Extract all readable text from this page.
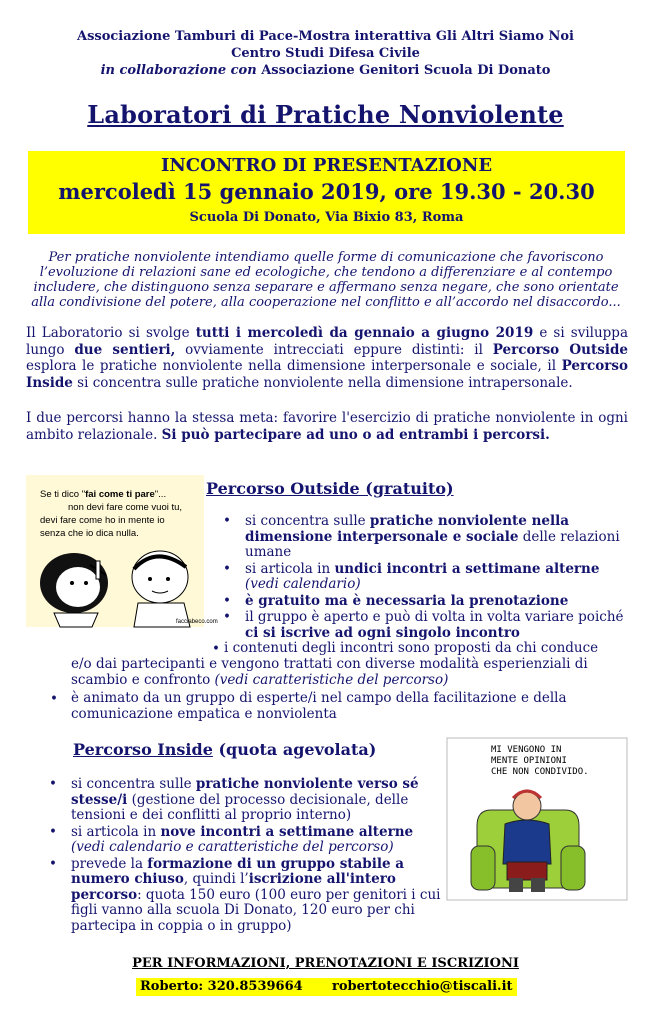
Associazione Tamburi di Pace-Mostra interattiva Gli Altri Siamo Noi
Centro Studi Difesa Civile
in collaborazione con Associazione Genitori Scuola Di Donato
Laboratori di Pratiche Nonviolente
INCONTRO DI PRESENTAZIONE
mercoledì 15 gennaio 2019, ore 19.30 - 20.30
Scuola Di Donato, Via Bixio 83, Roma
Per pratiche nonviolente intendiamo quelle forme di comunicazione che favoriscono l’evoluzione di relazioni sane ed ecologiche, che tendono a differenziare e al contempo includere, che distinguono senza separare e affermano senza negare, che sono orientate alla condivisione del potere, alla cooperazione nel conflitto e all’accordo nel disaccordo...
Il Laboratorio si svolge tutti i mercoledì da gennaio a giugno 2019 e si sviluppa lungo due sentieri, ovviamente intrecciati eppure distinti: il Percorso Outside esplora le pratiche nonviolente nella dimensione interpersonale e sociale, il Percorso Inside si concentra sulle pratiche nonviolente nella dimensione intrapersonale.
I due percorsi hanno la stessa meta: favorire l'esercizio di pratiche nonviolente in ogni ambito relazionale. Si può partecipare ad uno o ad entrambi i percorsi.
Se ti dico "fai come ti pare"...
non devi fare come vuoi tu,
devi fare come ho in mente io
senza che io dica nulla.
facciabeco.com
Percorso Outside (gratuito)
• si concentra sulle pratiche nonviolente nella dimensione interpersonale e sociale delle relazioni umane
• si articola in undici incontri a settimane alterne
(vedi calendario)
• è gratuito ma è necessaria la prenotazione
• il gruppo è aperto e può di volta in volta variare poiché ci si iscrive ad ogni singolo incontro
• i contenuti degli incontri sono proposti da chi conduce
e/o dai partecipanti e vengono trattati con diverse modalità esperienziali di scambio e confronto (vedi caratteristiche del percorso)
• è animato da un gruppo di esperte/i nel campo della facilitazione e della comunicazione empatica e nonviolenta
MI VENGONO IN
MENTE OPINIONI
CHE NON CONDIVIDO.
Percorso Inside (quota agevolata)
• si concentra sulle pratiche nonviolente verso sé stesse/i (gestione del processo decisionale, delle tensioni e dei conflitti al proprio interno)
• si articola in nove incontri a settimane alterne
(vedi calendario e caratteristiche del percorso)
• prevede la formazione di un gruppo stabile a numero chiuso, quindi l’iscrizione all'intero percorso: quota 150 euro (100 euro per genitori i cui figli vanno alla scuola Di Donato, 120 euro per chi partecipa in coppia o in gruppo)
PER INFORMAZIONI, PRENOTAZIONI E ISCRIZIONI
Roberto: 320.8539664 robertotecchio@tiscali.it
